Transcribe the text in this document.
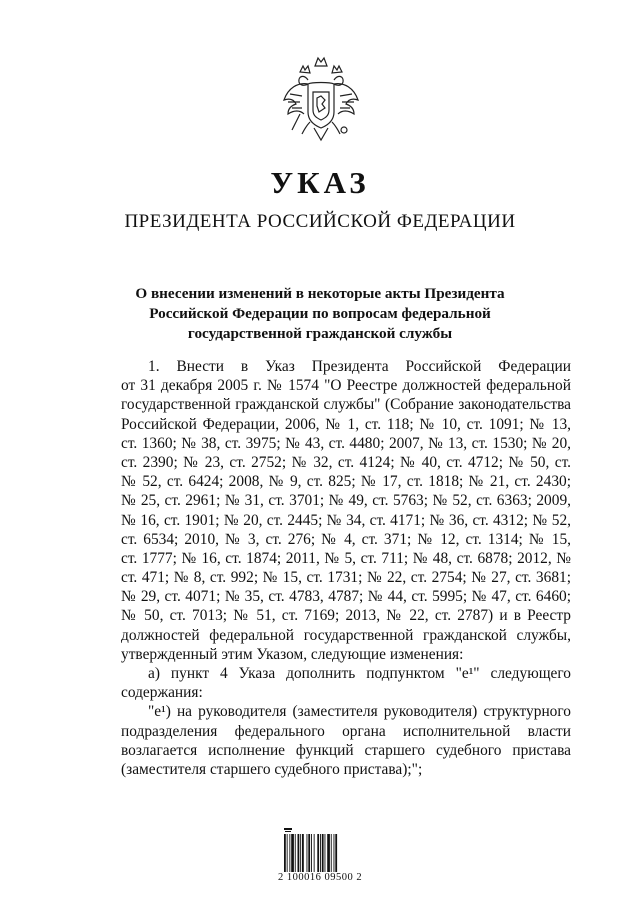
УКАЗ
ПРЕЗИДЕНТА РОССИЙСКОЙ ФЕДЕРАЦИИ
О внесении изменений в некоторые акты Президента
Российской Федерации по вопросам федеральной
государственной гражданской службы
1. Внести в Указ Президента Российской Федерации
от 31 декабря 2005 г. № 1574 "О Реестре должностей федеральной
государственной гражданской службы" (Собрание законодательства
Российской Федерации, 2006, № 1, ст. 118; № 10, ст. 1091; № 13,
ст. 1360; № 38, ст. 3975; № 43, ст. 4480; 2007, № 13, ст. 1530; № 20,
ст. 2390; № 23, ст. 2752; № 32, ст. 4124; № 40, ст. 4712; № 50, ст.
№ 52, ст. 6424; 2008, № 9, ст. 825; № 17, ст. 1818; № 21, ст. 2430;
№ 25, ст. 2961; № 31, ст. 3701; № 49, ст. 5763; № 52, ст. 6363; 2009,
№ 16, ст. 1901; № 20, ст. 2445; № 34, ст. 4171; № 36, ст. 4312; № 52,
ст. 6534; 2010, № 3, ст. 276; № 4, ст. 371; № 12, ст. 1314; № 15,
ст. 1777; № 16, ст. 1874; 2011, № 5, ст. 711; № 48, ст. 6878; 2012, №
ст. 471; № 8, ст. 992; № 15, ст. 1731; № 22, ст. 2754; № 27, ст. 3681;
№ 29, ст. 4071; № 35, ст. 4783, 4787; № 44, ст. 5995; № 47, ст. 6460;
№ 50, ст. 7013; № 51, ст. 7169; 2013, № 22, ст. 2787) и в Реестр
должностей федеральной государственной гражданской службы,
утвержденный этим Указом, следующие изменения:
а) пункт 4 Указа дополнить подпунктом "е¹" следующего
содержания:
"е¹) на руководителя (заместителя руководителя) структурного
подразделения федерального органа исполнительной власти
возлагается исполнение функций старшего судебного пристава
(заместителя старшего судебного пристава);";
2 100016 09500 2
